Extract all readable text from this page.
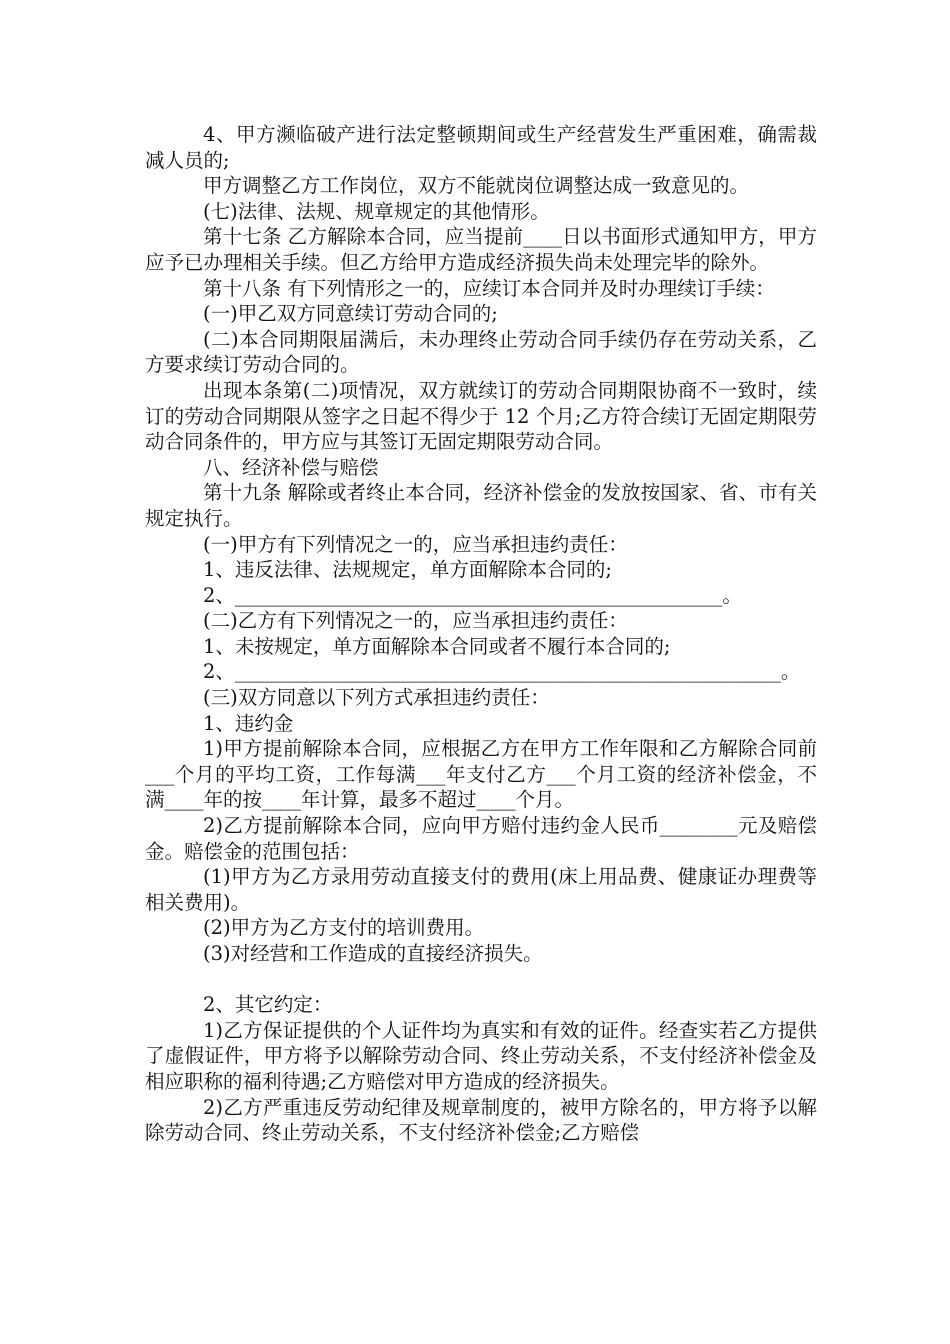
4、甲方濒临破产进行法定整顿期间或生产经营发生严重困难，确需裁减人员的;

甲方调整乙方工作岗位，双方不能就岗位调整达成一致意见的。

(七)法律、法规、规章规定的其他情形。

第十七条 乙方解除本合同，应当提前____日以书面形式通知甲方，甲方应予已办理相关手续。但乙方给甲方造成经济损失尚未处理完毕的除外。

第十八条 有下列情形之一的，应续订本合同并及时办理续订手续：

(一)甲乙双方同意续订劳动合同的;

(二)本合同期限届满后，未办理终止劳动合同手续仍存在劳动关系，乙方要求续订劳动合同的。

出现本条第(二)项情况，双方就续订的劳动合同期限协商不一致时，续订的劳动合同期限从签字之日起不得少于 12 个月;乙方符合续订无固定期限劳动合同条件的，甲方应与其签订无固定期限劳动合同。

八、经济补偿与赔偿

第十九条 解除或者终止本合同，经济补偿金的发放按国家、省、市有关规定执行。

(一)甲方有下列情况之一的，应当承担违约责任：

1、违反法律、法规规定，单方面解除本合同的;

2、__________________________________________________。

(二)乙方有下列情况之一的，应当承担违约责任：

1、未按规定，单方面解除本合同或者不履行本合同的;

2、________________________________________________________。

(三)双方同意以下列方式承担违约责任：

1、违约金

1)甲方提前解除本合同，应根据乙方在甲方工作年限和乙方解除合同前___个月的平均工资，工作每满___年支付乙方___个月工资的经济补偿金，不满____年的按____年计算，最多不超过____个月。

2)乙方提前解除本合同，应向甲方赔付违约金人民币________元及赔偿金。赔偿金的范围包括：

(1)甲方为乙方录用劳动直接支付的费用(床上用品费、健康证办理费等相关费用)。

(2)甲方为乙方支付的培训费用。

(3)对经营和工作造成的直接经济损失。

2、其它约定：

1)乙方保证提供的个人证件均为真实和有效的证件。经查实若乙方提供了虚假证件，甲方将予以解除劳动合同、终止劳动关系，不支付经济补偿金及相应职称的福利待遇;乙方赔偿对甲方造成的经济损失。

2)乙方严重违反劳动纪律及规章制度的，被甲方除名的，甲方将予以解除劳动合同、终止劳动关系，不支付经济补偿金;乙方赔偿
